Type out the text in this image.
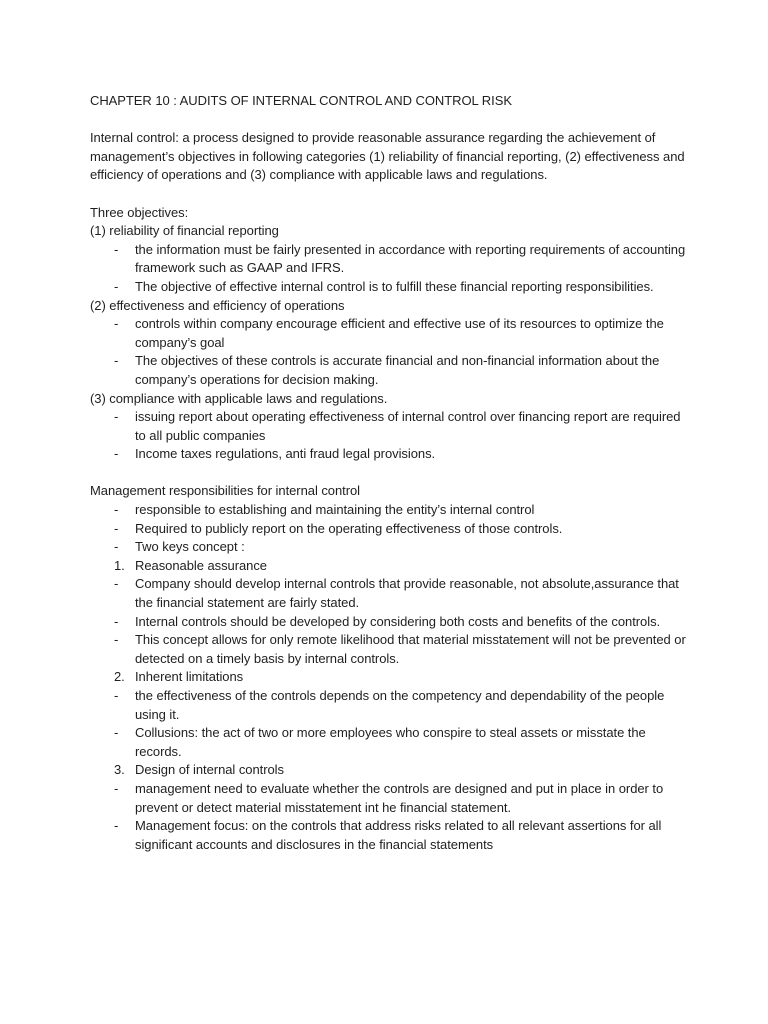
CHAPTER 10 : AUDITS OF INTERNAL CONTROL AND CONTROL RISK

Internal control: a process designed to provide reasonable assurance regarding the achievement of management’s objectives in following categories (1) reliability of financial reporting, (2) effectiveness and efficiency of operations and (3) compliance with applicable laws and regulations.

Three objectives:

(1) reliability of financial reporting

-	the information must be fairly presented in accordance with reporting requirements of accounting framework such as GAAP and IFRS.
-	The objective of effective internal control is to fulfill these financial reporting responsibilities.

(2) effectiveness and efficiency of operations

-	controls within company encourage efficient and effective use of its resources to optimize the company’s goal
-	The objectives of these controls is accurate financial and non-financial information about the company’s operations for decision making.

(3) compliance with applicable laws and regulations.

-	issuing report about operating effectiveness of internal control over financing report are required to all public companies
-	Income taxes regulations, anti fraud legal provisions.

Management responsibilities for internal control

-	responsible to establishing and maintaining the entity’s internal control
-	Required to publicly report on the operating effectiveness of those controls.
-	Two keys concept :
1. Reasonable assurance
-	Company should develop internal controls that provide reasonable, not absolute,assurance that the financial statement are fairly stated.
-	Internal controls should be developed by considering both costs and benefits of the controls.
-	This concept allows for only remote likelihood that material misstatement will not be prevented or detected on a timely basis by internal controls.
2. Inherent limitations
-	the effectiveness of the controls depends on the competency and dependability of the people using it.
-	Collusions: the act of two or more employees who conspire to steal assets or misstate the records.
3. Design of internal controls
-	management need to evaluate whether the controls are designed and put in place in order to prevent or detect material misstatement int he financial statement.
-	Management focus: on the controls that address risks related to all relevant assertions for all significant accounts and disclosures in the financial statements
